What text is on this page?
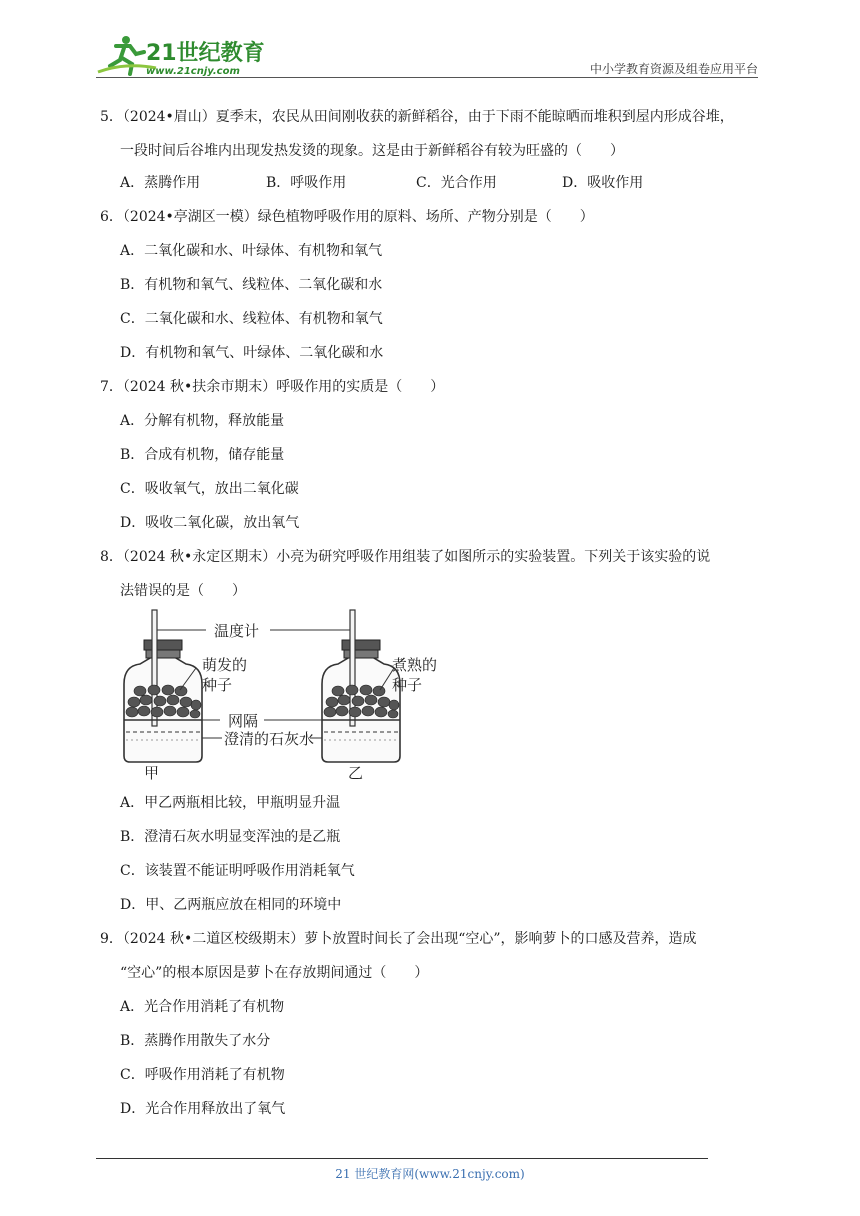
21世纪教育
www.21cnjy.com	中小学教育资源及组卷应用平台
5．（2024•眉山）夏季末，农民从田间刚收获的新鲜稻谷，由于下雨不能晾晒而堆积到屋内形成谷堆，
一段时间后谷堆内出现发热发烫的现象。这是由于新鲜稻谷有较为旺盛的（　　）
A．蒸腾作用	B．呼吸作用	C．光合作用	D．吸收作用
6．（2024•亭湖区一模）绿色植物呼吸作用的原料、场所、产物分别是（　　）
A．二氧化碳和水、叶绿体、有机物和氧气
B．有机物和氧气、线粒体、二氧化碳和水
C．二氧化碳和水、线粒体、有机物和氧气
D．有机物和氧气、叶绿体、二氧化碳和水
7．（2024 秋•扶余市期末）呼吸作用的实质是（　　）
A．分解有机物，释放能量
B．合成有机物，储存能量
C．吸收氧气，放出二氧化碳
D．吸收二氧化碳，放出氧气
8．（2024 秋•永定区期末）小亮为研究呼吸作用组装了如图所示的实验装置。下列关于该实验的说
法错误的是（　　）
甲	乙
温度计
萌发的
种子
煮熟的
种子
网隔
澄清的石灰水
A．甲乙两瓶相比较，甲瓶明显升温
B．澄清石灰水明显变浑浊的是乙瓶
C．该装置不能证明呼吸作用消耗氧气
D．甲、乙两瓶应放在相同的环境中
9．（2024 秋•二道区校级期末）萝卜放置时间长了会出现“空心”，影响萝卜的口感及营养，造成
“空心”的根本原因是萝卜在存放期间通过（　　）
A．光合作用消耗了有机物
B．蒸腾作用散失了水分
C．呼吸作用消耗了有机物
D．光合作用释放出了氧气
21 世纪教育网(www.21cnjy.com)
